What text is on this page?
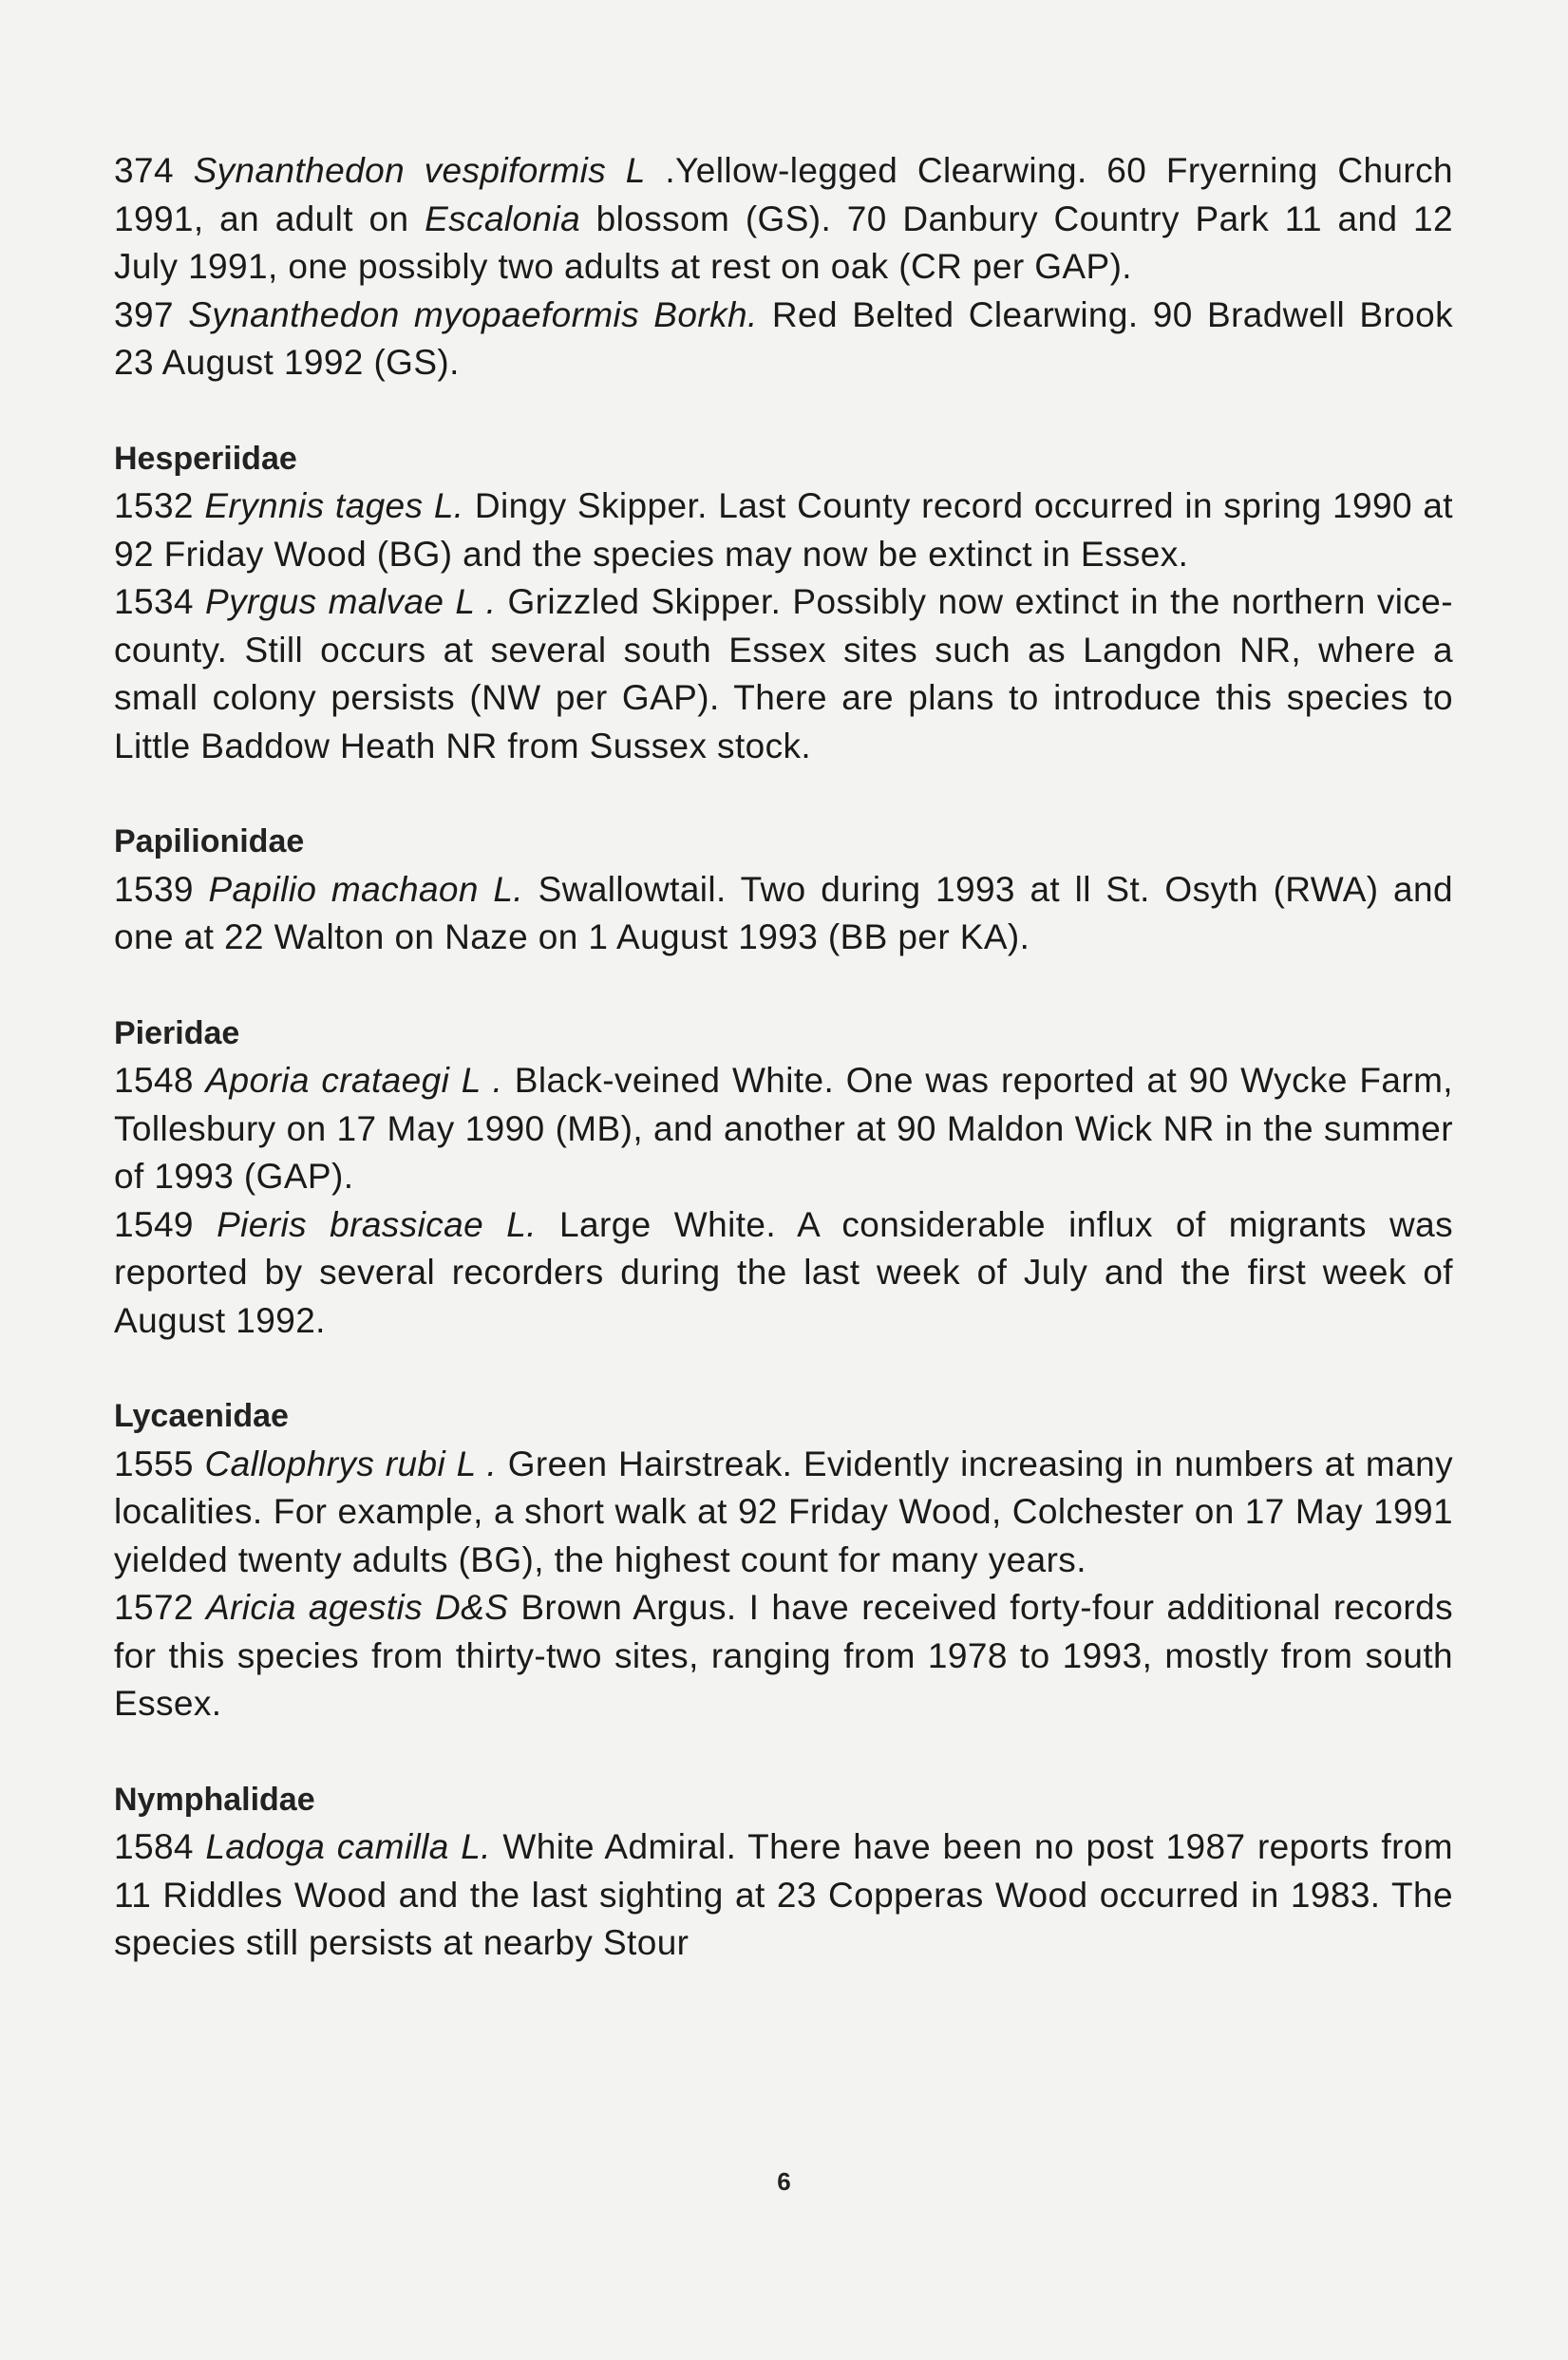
374 Synanthedon vespiformis L .Yellow-legged Clearwing. 60 Fryerning Church 1991, an adult on Escalonia blossom (GS). 70 Danbury Country Park 11 and 12 July 1991, one possibly two adults at rest on oak (CR per GAP).

397 Synanthedon myopaeformis Borkh. Red Belted Clearwing. 90 Bradwell Brook 23 August 1992 (GS).

Hesperiidae

1532 Erynnis tages L. Dingy Skipper. Last County record occurred in spring 1990 at 92 Friday Wood (BG) and the species may now be extinct in Essex.

1534 Pyrgus malvae L . Grizzled Skipper. Possibly now extinct in the northern vice-county. Still occurs at several south Essex sites such as Langdon NR, where a small colony persists (NW per GAP). There are plans to introduce this species to Little Baddow Heath NR from Sussex stock.

Papilionidae

1539 Papilio machaon L. Swallowtail. Two during 1993 at ll St. Osyth (RWA) and one at 22 Walton on Naze on 1 August 1993 (BB per KA).

Pieridae

1548 Aporia crataegi L . Black-veined White. One was reported at 90 Wycke Farm, Tollesbury on 17 May 1990 (MB), and another at 90 Maldon Wick NR in the summer of 1993 (GAP).

1549 Pieris brassicae L. Large White. A considerable influx of migrants was reported by several recorders during the last week of July and the first week of August 1992.

Lycaenidae

1555 Callophrys rubi L . Green Hairstreak. Evidently increasing in numbers at many localities. For example, a short walk at 92 Friday Wood, Colchester on 17 May 1991 yielded twenty adults (BG), the highest count for many years.

1572 Aricia agestis D&S Brown Argus. I have received forty-four additional records for this species from thirty-two sites, ranging from 1978 to 1993, mostly from south Essex.

Nymphalidae

1584 Ladoga camilla L. White Admiral. There have been no post 1987 reports from 11 Riddles Wood and the last sighting at 23 Copperas Wood occurred in 1983. The species still persists at nearby Stour

6
